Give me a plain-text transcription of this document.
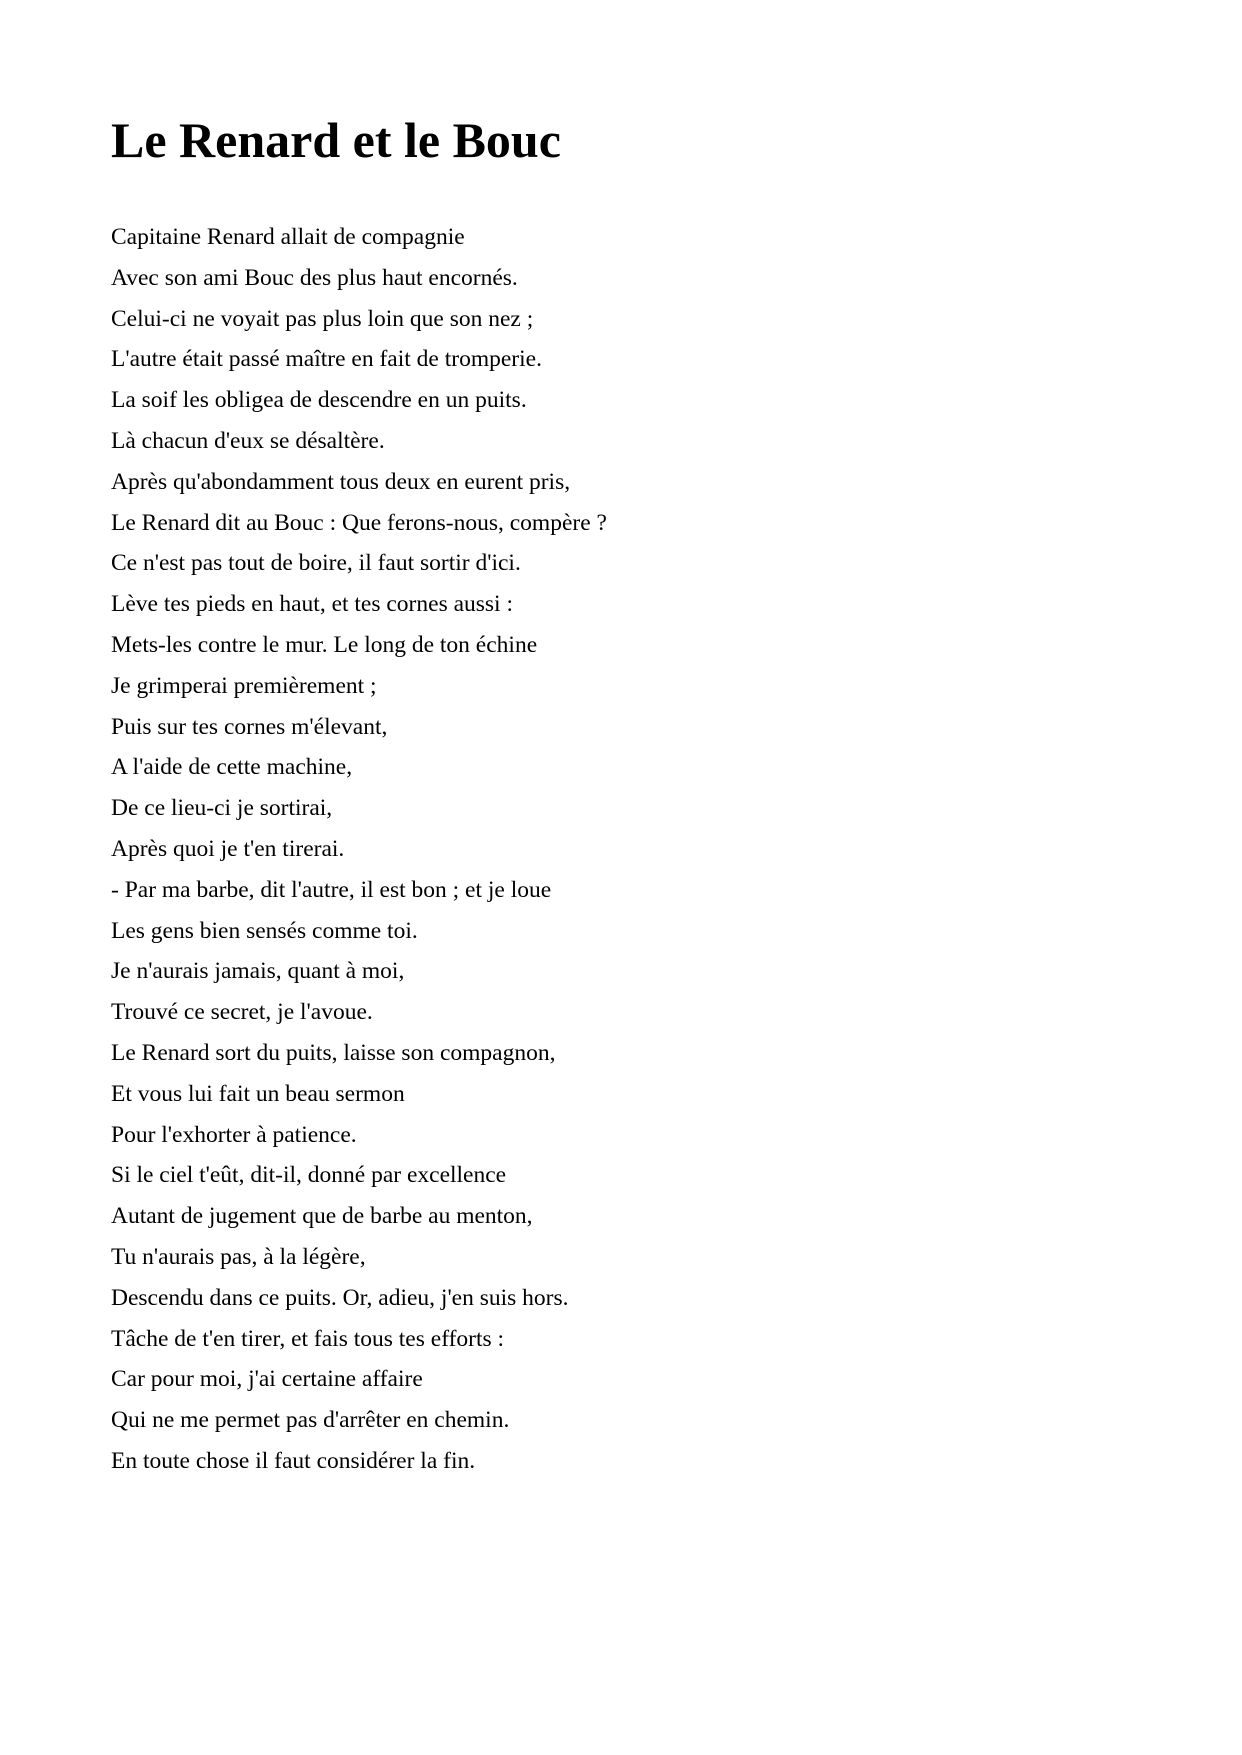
Le Renard et le Bouc
Capitaine Renard allait de compagnie
Avec son ami Bouc des plus haut encornés.
Celui-ci ne voyait pas plus loin que son nez ;
L'autre était passé maître en fait de tromperie.
La soif les obligea de descendre en un puits.
Là chacun d'eux se désaltère.
Après qu'abondamment tous deux en eurent pris,
Le Renard dit au Bouc : Que ferons-nous, compère ?
Ce n'est pas tout de boire, il faut sortir d'ici.
Lève tes pieds en haut, et tes cornes aussi :
Mets-les contre le mur. Le long de ton échine
Je grimperai premièrement ;
Puis sur tes cornes m'élevant,
A l'aide de cette machine,
De ce lieu-ci je sortirai,
Après quoi je t'en tirerai.
- Par ma barbe, dit l'autre, il est bon ; et je loue
Les gens bien sensés comme toi.
Je n'aurais jamais, quant à moi,
Trouvé ce secret, je l'avoue.
Le Renard sort du puits, laisse son compagnon,
Et vous lui fait un beau sermon
Pour l'exhorter à patience.
Si le ciel t'eût, dit-il, donné par excellence
Autant de jugement que de barbe au menton,
Tu n'aurais pas, à la légère,
Descendu dans ce puits. Or, adieu, j'en suis hors.
Tâche de t'en tirer, et fais tous tes efforts :
Car pour moi, j'ai certaine affaire
Qui ne me permet pas d'arrêter en chemin.
En toute chose il faut considérer la fin.
